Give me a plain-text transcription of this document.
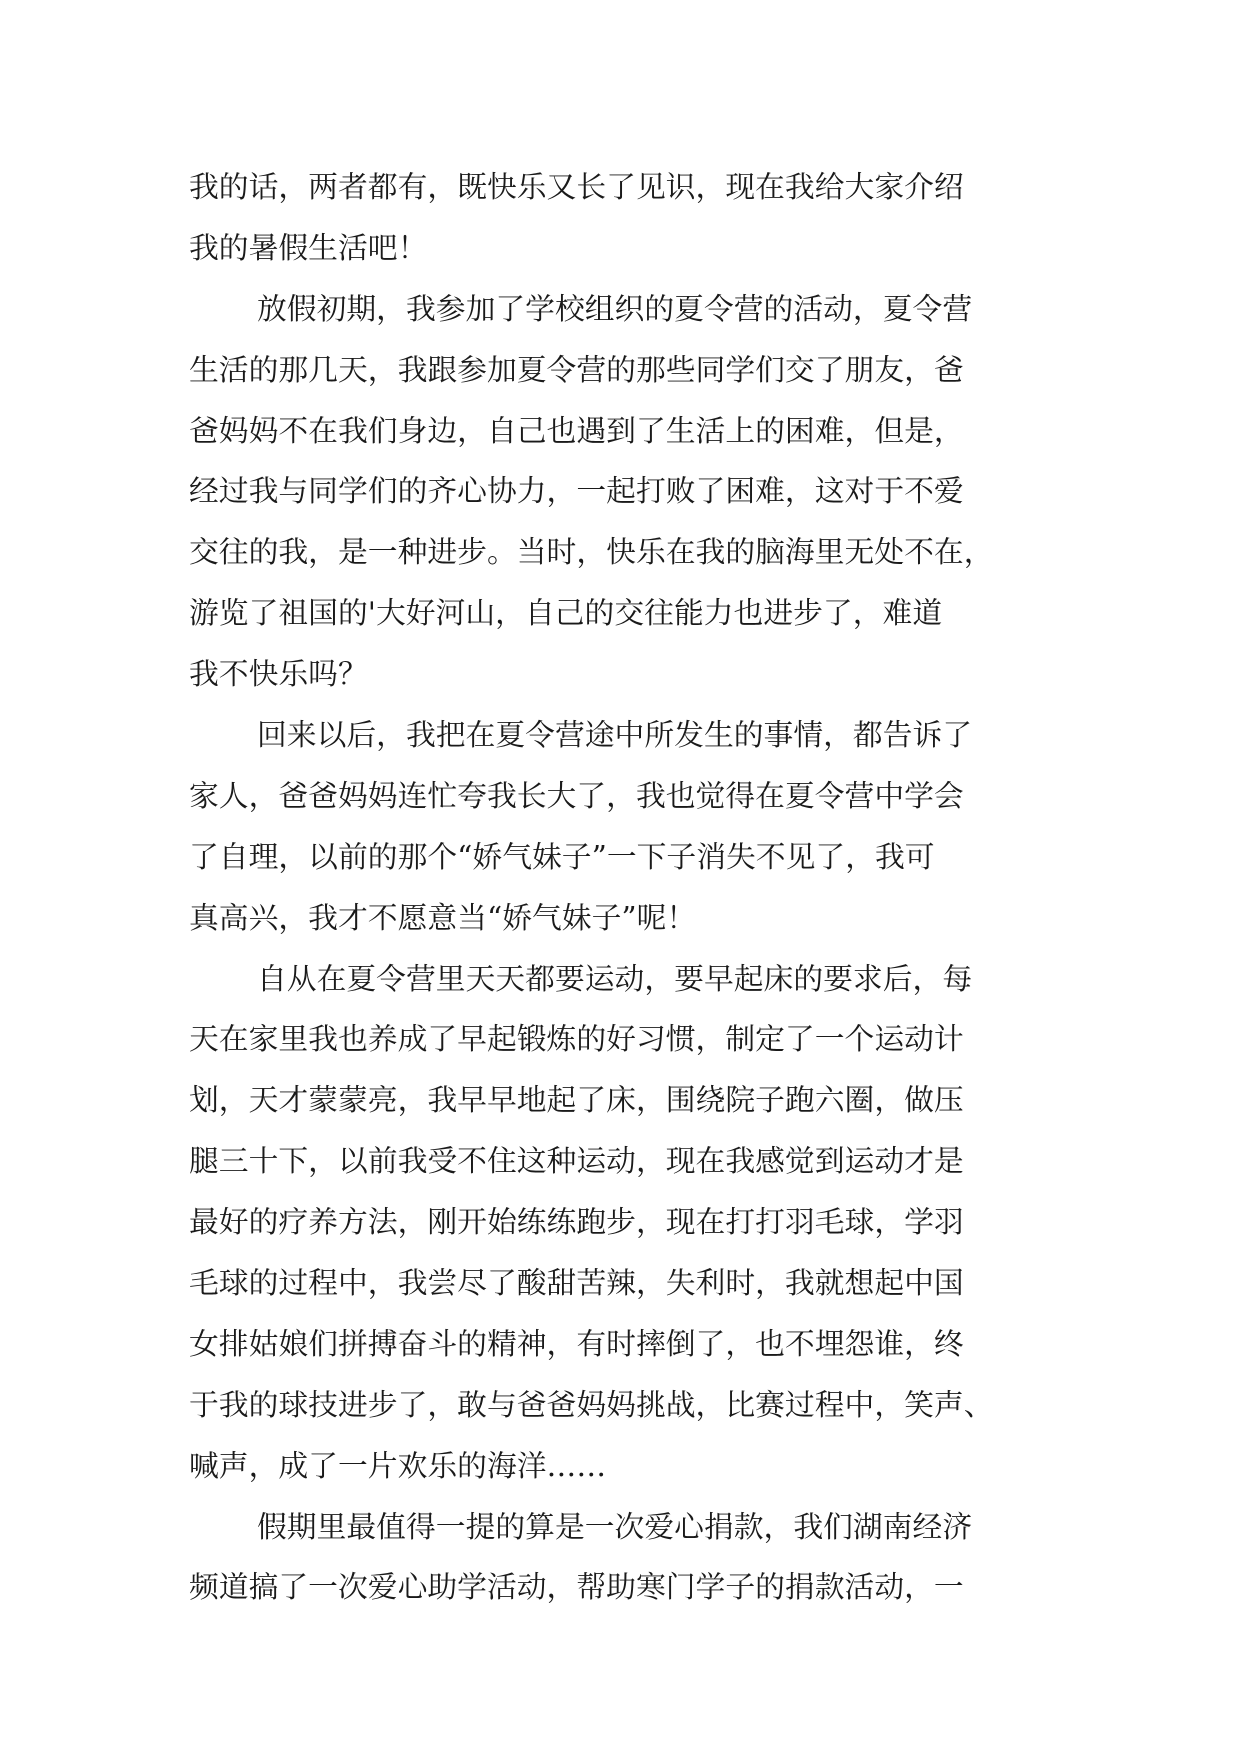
我的话，两者都有，既快乐又长了见识，现在我给大家介绍
我的暑假生活吧！
放假初期，我参加了学校组织的夏令营的活动，夏令营
生活的那几天，我跟参加夏令营的那些同学们交了朋友，爸
爸妈妈不在我们身边，自己也遇到了生活上的困难，但是，
经过我与同学们的齐心协力，一起打败了困难，这对于不爱
交往的我，是一种进步。当时，快乐在我的脑海里无处不在，
游览了祖国的'大好河山，自己的交往能力也进步了，难道
我不快乐吗？
回来以后，我把在夏令营途中所发生的事情，都告诉了
家人，爸爸妈妈连忙夸我长大了，我也觉得在夏令营中学会
了自理，以前的那个“娇气妹子”一下子消失不见了，我可
真高兴，我才不愿意当“娇气妹子”呢！
自从在夏令营里天天都要运动，要早起床的要求后，每
天在家里我也养成了早起锻炼的好习惯，制定了一个运动计
划，天才蒙蒙亮，我早早地起了床，围绕院子跑六圈，做压
腿三十下，以前我受不住这种运动，现在我感觉到运动才是
最好的疗养方法，刚开始练练跑步，现在打打羽毛球，学羽
毛球的过程中，我尝尽了酸甜苦辣，失利时，我就想起中国
女排姑娘们拼搏奋斗的精神，有时摔倒了，也不埋怨谁，终
于我的球技进步了，敢与爸爸妈妈挑战，比赛过程中，笑声、
喊声，成了一片欢乐的海洋……
假期里最值得一提的算是一次爱心捐款，我们湖南经济
频道搞了一次爱心助学活动，帮助寒门学子的捐款活动，一
